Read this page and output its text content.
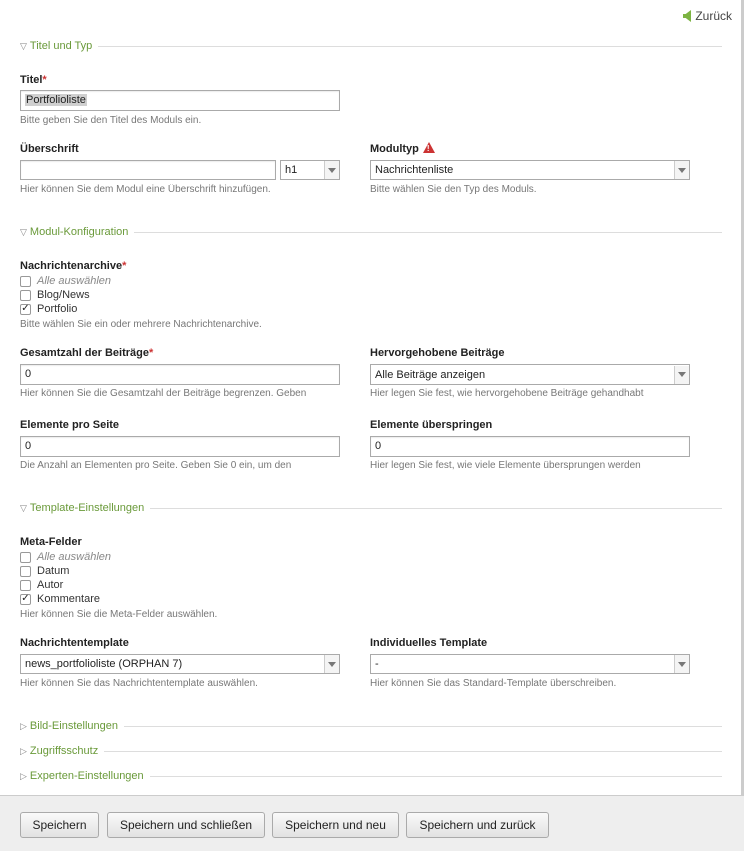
Zurück
▽ Titel und Typ
Titel*
Portfolioliste
Bitte geben Sie den Titel des Moduls ein.
Überschrift
h1
Hier können Sie dem Modul eine Überschrift hinzufügen.
Modultyp!
Nachrichtenliste
Bitte wählen Sie den Typ des Moduls.
▽ Modul-Konfiguration
Nachrichtenarchive*
Alle auswählen
Blog/News
✓ Portfolio
Bitte wählen Sie ein oder mehrere Nachrichtenarchive.
Gesamtzahl der Beiträge*
0
Hier können Sie die Gesamtzahl der Beiträge begrenzen. Geben
Hervorgehobene Beiträge
Alle Beiträge anzeigen
Hier legen Sie fest, wie hervorgehobene Beiträge gehandhabt
Elemente pro Seite
0
Die Anzahl an Elementen pro Seite. Geben Sie 0 ein, um den
Elemente überspringen
0
Hier legen Sie fest, wie viele Elemente übersprungen werden
▽ Template-Einstellungen
Meta-Felder
Alle auswählen
Datum
Autor
✓ Kommentare
Hier können Sie die Meta-Felder auswählen.
Nachrichtentemplate
news_portfolioliste (ORPHAN 7)
Hier können Sie das Nachrichtentemplate auswählen.
Individuelles Template
-
Hier können Sie das Standard-Template überschreiben.
▷ Bild-Einstellungen
▷ Zugriffsschutz
▷ Experten-Einstellungen
Speichern	Speichern und schließen	Speichern und neu	Speichern und zurück
